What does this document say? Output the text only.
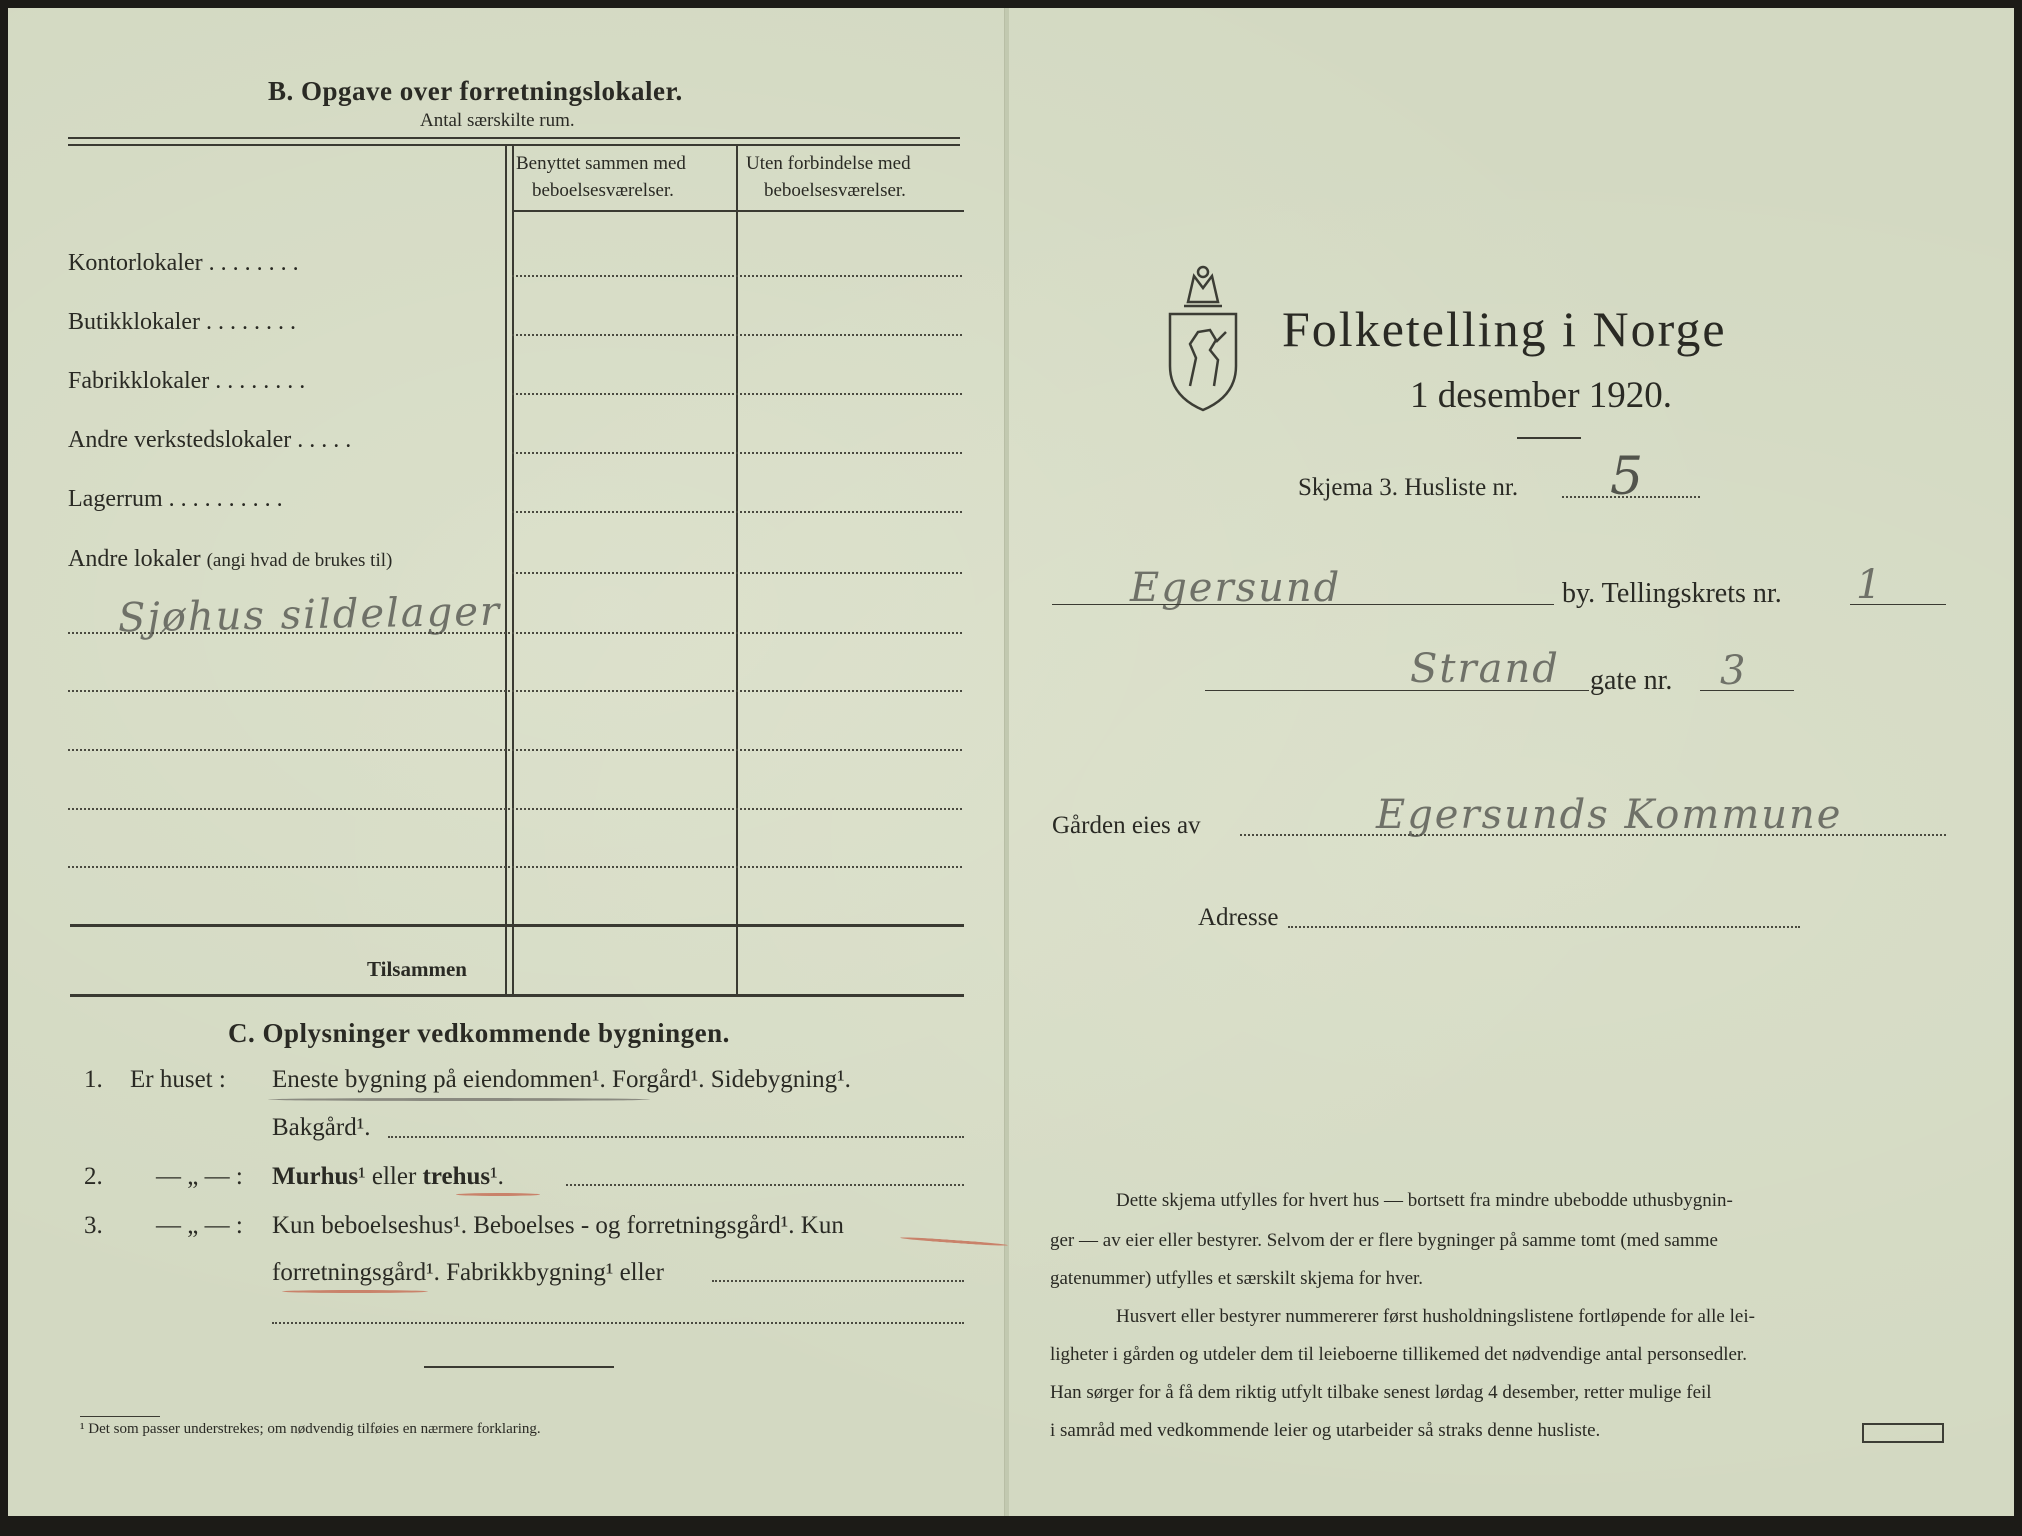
B. Opgave over forretningslokaler.
Antal særskilte rum.
Benyttet sammen med
beboelsesværelser.
Uten forbindelse med
beboelsesværelser.
Kontorlokaler . . . . . . . .
Butikklokaler . . . . . . . .
Fabrikklokaler . . . . . . . .
Andre verkstedslokaler . . . . .
Lagerrum . . . . . . . . . .
Andre lokaler (angi hvad de brukes til)
Sjøhus sildelager
Tilsammen
C. Oplysninger vedkommende bygningen.
1. Er huset : Eneste bygning på eiendommen¹. Forgård¹. Sidebygning¹.
Bakgård¹.
2. — „ — : Murhus¹ eller trehus¹.
3. — „ — : Kun beboelseshus¹. Beboelses - og forretningsgård¹. Kun
forretningsgård¹. Fabrikkbygning¹ eller
¹ Det som passer understrekes; om nødvendig tilføies en nærmere forklaring.
Folketelling i Norge
1 desember 1920.
Skjema 3. Husliste nr. 5
Egersund	by. Tellingskrets nr. 1
Strand gate nr. 3
Gården eies av	Egersunds Kommune
Adresse
Dette skjema utfylles for hvert hus — bortsett fra mindre ubebodde uthusbygnin-
ger — av eier eller bestyrer. Selvom der er flere bygninger på samme tomt (med samme
gatenummer) utfylles et særskilt skjema for hver.
Husvert eller bestyrer nummererer først husholdningslistene fortløpende for alle lei-
ligheter i gården og utdeler dem til leieboerne tillikemed det nødvendige antal personsedler.
Han sørger for å få dem riktig utfylt tilbake senest lørdag 4 desember, retter mulige feil
i samråd med vedkommende leier og utarbeider så straks denne husliste.
